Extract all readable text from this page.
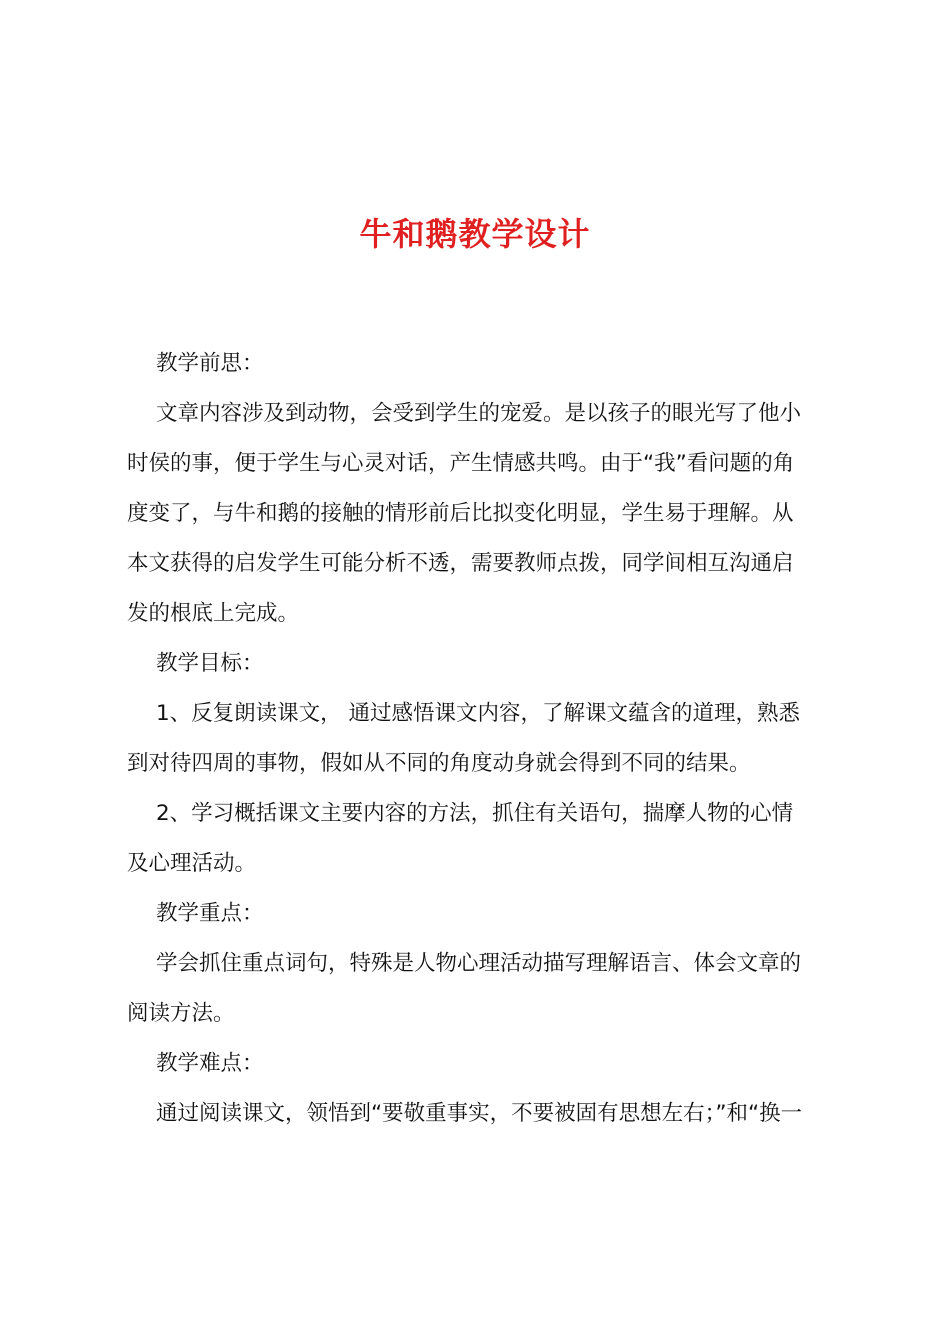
牛和鹅教学设计
教学前思：
文章内容涉及到动物，会受到学生的宠爱。是以孩子的眼光写了他小
时侯的事，便于学生与心灵对话，产生情感共鸣。由于“我”看问题的角
度变了，与牛和鹅的接触的情形前后比拟变化明显，学生易于理解。从
本文获得的启发学生可能分析不透，需要教师点拨，同学间相互沟通启
发的根底上完成。
教学目标：
1、反复朗读课文， 通过感悟课文内容，了解课文蕴含的道理，熟悉
到对待四周的事物，假如从不同的角度动身就会得到不同的结果。
2、学习概括课文主要内容的方法，抓住有关语句，揣摩人物的心情
及心理活动。
教学重点：
学会抓住重点词句，特殊是人物心理活动描写理解语言、体会文章的
阅读方法。
教学难点：
通过阅读课文，领悟到“要敬重事实，不要被固有思想左右；”和“换一
